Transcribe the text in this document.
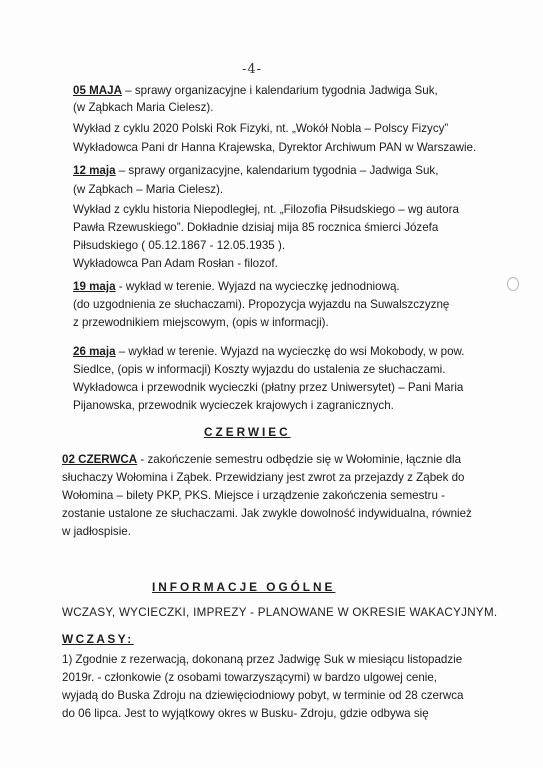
-4-
05 MAJA – sprawy organizacyjne i kalendarium tygodnia Jadwiga Suk,
(w Ząbkach Maria Cielesz).
Wykład z cyklu 2020 Polski Rok Fizyki, nt. „Wokół Nobla – Polscy Fizycy”
Wykładowca Pani dr Hanna Krajewska, Dyrektor Archiwum PAN w Warszawie.
12 maja – sprawy organizacyjne, kalendarium tygodnia – Jadwiga Suk,
(w Ząbkach – Maria Cielesz).
Wykład z cyklu historia Niepodległej, nt. „Filozofia Piłsudskiego – wg autora
Pawła Rzewuskiego”. Dokładnie dzisiaj mija 85 rocznica śmierci Józefa
Piłsudskiego ( 05.12.1867 - 12.05.1935 ).
Wykładowca Pan Adam Rosłan - filozof.
19 maja - wykład w terenie. Wyjazd na wycieczkę jednodniową.
(do uzgodnienia ze słuchaczami). Propozycja wyjazdu na Suwalszczyznę
z przewodnikiem miejscowym, (opis w informacji).
26 maja – wykład w terenie. Wyjazd na wycieczkę do wsi Mokobody, w pow.
Siedlce, (opis w informacji) Koszty wyjazdu do ustalenia ze słuchaczami.
Wykładowca i przewodnik wycieczki (płatny przez Uniwersytet) – Pani Maria
Pijanowska, przewodnik wycieczek krajowych i zagranicznych.
CZERWIEC
02 CZERWCA - zakończenie semestru odbędzie się w Wołominie, łącznie dla
słuchaczy Wołomina i Ząbek. Przewidziany jest zwrot za przejazdy z Ząbek do
Wołomina – bilety PKP, PKS. Miejsce i urządzenie zakończenia semestru -
zostanie ustalone ze słuchaczami. Jak zwykle dowolność indywidualna, również
w jadłospisie.
INFORMACJE OGÓLNE
WCZASY, WYCIECZKI, IMPREZY - PLANOWANE W OKRESIE WAKACYJNYM.
WCZASY:
1) Zgodnie z rezerwacją, dokonaną przez Jadwigę Suk w miesiącu listopadzie
2019r. - członkowie (z osobami towarzyszącymi) w bardzo ulgowej cenie,
wyjadą do Buska Zdroju na dziewięciodniowy pobyt, w terminie od 28 czerwca
do 06 lipca. Jest to wyjątkowy okres w Busku- Zdroju, gdzie odbywa się
